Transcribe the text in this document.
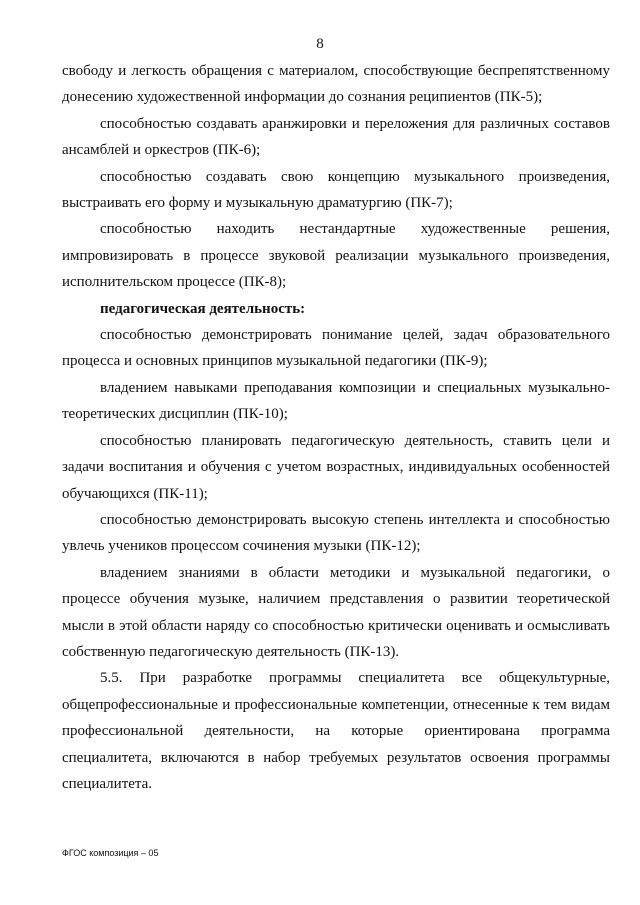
8

свободу и легкость обращения с материалом, способствующие беспрепятственному донесению художественной информации до сознания реципиентов (ПК-5);

способностью создавать аранжировки и переложения для различных составов ансамблей и оркестров (ПК-6);

способностью создавать свою концепцию музыкального произведения, выстраивать его форму и музыкальную драматургию (ПК-7);

способностью находить нестандартные художественные решения, импровизировать в процессе звуковой реализации музыкального произведения, исполнительском процессе (ПК-8);

педагогическая деятельность:

способностью демонстрировать понимание целей, задач образовательного процесса и основных принципов музыкальной педагогики (ПК-9);

владением навыками преподавания композиции и специальных музыкально-теоретических дисциплин (ПК-10);

способностью планировать педагогическую деятельность, ставить цели и задачи воспитания и обучения с учетом возрастных, индивидуальных особенностей обучающихся (ПК-11);

способностью демонстрировать высокую степень интеллекта и способностью увлечь учеников процессом сочинения музыки (ПК-12);

владением знаниями в области методики и музыкальной педагогики, о процессе обучения музыке, наличием представления о развитии теоретической мысли в этой области наряду со способностью критически оценивать и осмысливать собственную педагогическую деятельность (ПК-13).

5.5. При разработке программы специалитета все общекультурные, общепрофессиональные и профессиональные компетенции, отнесенные к тем видам профессиональной деятельности, на которые ориентирована программа специалитета, включаются в набор требуемых результатов освоения программы специалитета.

ФГОС композиция – 05
